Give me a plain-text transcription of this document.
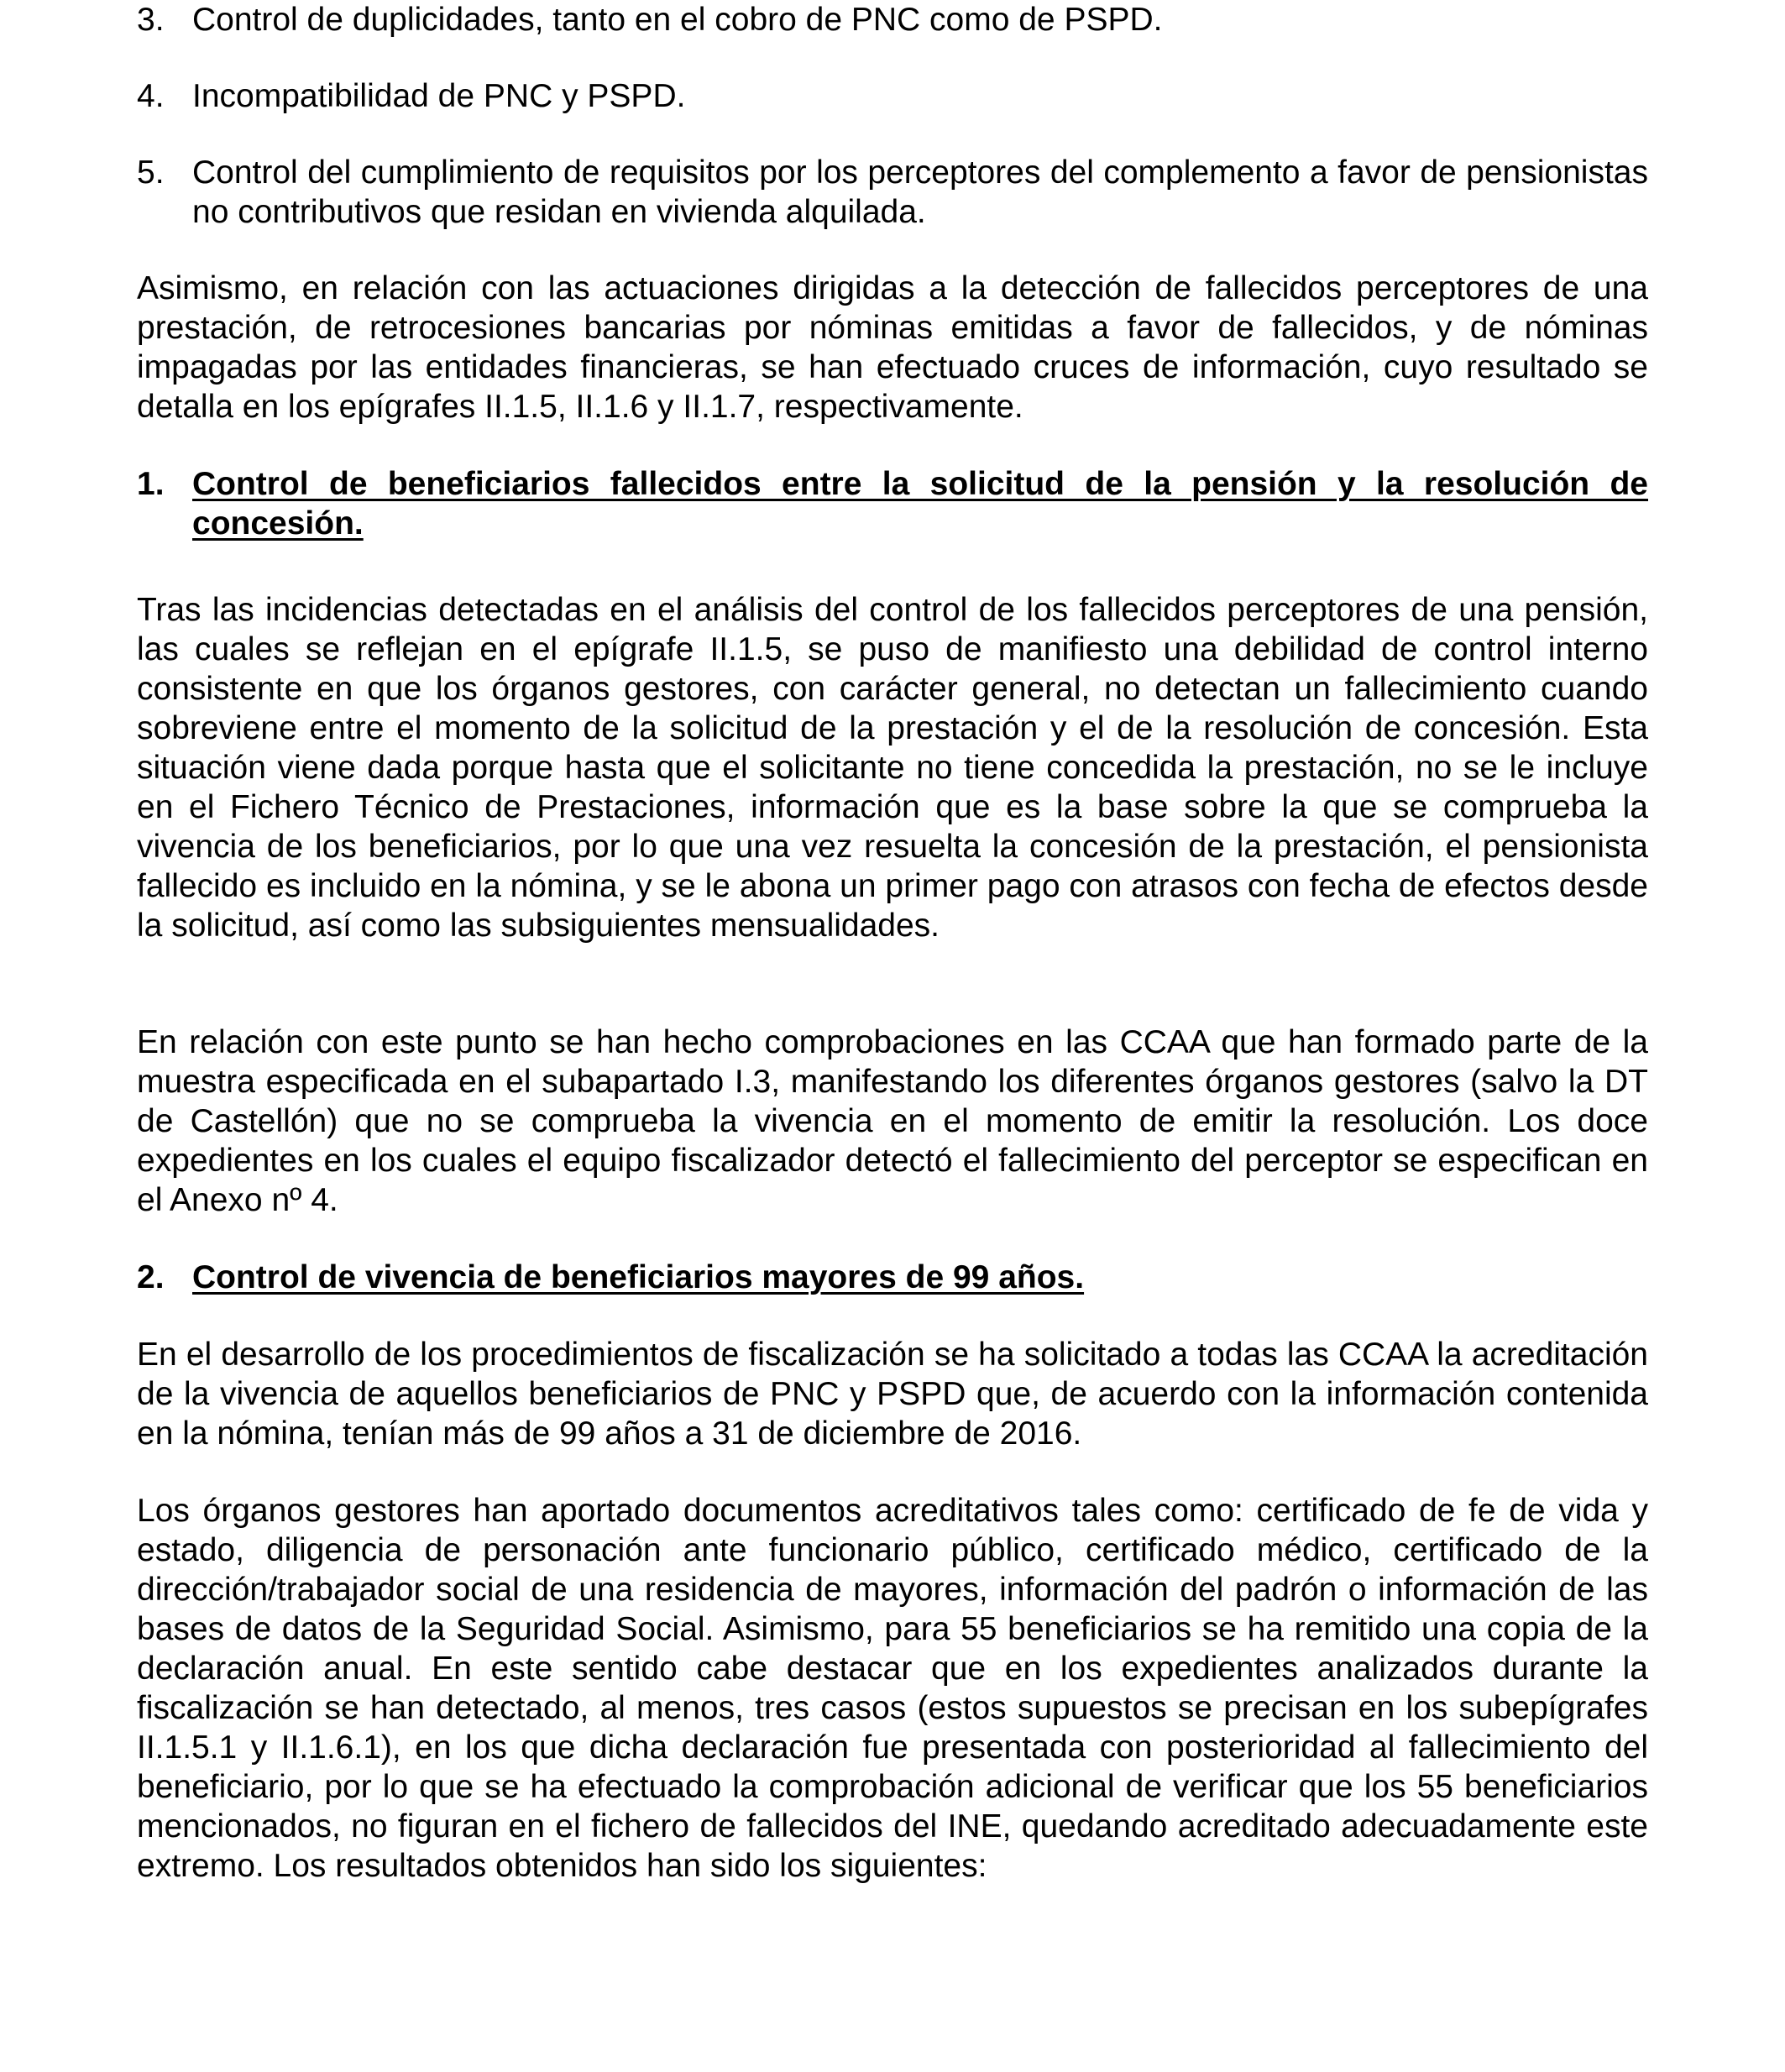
3. Control de duplicidades, tanto en el cobro de PNC como de PSPD.
4. Incompatibilidad de PNC y PSPD.
5. Control del cumplimiento de requisitos por los perceptores del complemento a favor de pensionistas no contributivos que residan en vivienda alquilada.

Asimismo, en relación con las actuaciones dirigidas a la detección de fallecidos perceptores de una prestación, de retrocesiones bancarias por nóminas emitidas a favor de fallecidos, y de nóminas impagadas por las entidades financieras, se han efectuado cruces de información, cuyo resultado se detalla en los epígrafes II.1.5, II.1.6 y II.1.7, respectivamente.

1. Control de beneficiarios fallecidos entre la solicitud de la pensión y la resolución de concesión.

Tras las incidencias detectadas en el análisis del control de los fallecidos perceptores de una pensión, las cuales se reflejan en el epígrafe II.1.5, se puso de manifiesto una debilidad de control interno consistente en que los órganos gestores, con carácter general, no detectan un fallecimiento cuando sobreviene entre el momento de la solicitud de la prestación y el de la resolución de concesión. Esta situación viene dada porque hasta que el solicitante no tiene concedida la prestación, no se le incluye en el Fichero Técnico de Prestaciones, información que es la base sobre la que se comprueba la vivencia de los beneficiarios, por lo que una vez resuelta la concesión de la prestación, el pensionista fallecido es incluido en la nómina, y se le abona un primer pago con atrasos con fecha de efectos desde la solicitud, así como las subsiguientes mensualidades.

En relación con este punto se han hecho comprobaciones en las CCAA que han formado parte de la muestra especificada en el subapartado I.3, manifestando los diferentes órganos gestores (salvo la DT de Castellón) que no se comprueba la vivencia en el momento de emitir la resolución. Los doce expedientes en los cuales el equipo fiscalizador detectó el fallecimiento del perceptor se especifican en el Anexo nº 4.

2. Control de vivencia de beneficiarios mayores de 99 años.

En el desarrollo de los procedimientos de fiscalización se ha solicitado a todas las CCAA la acreditación de la vivencia de aquellos beneficiarios de PNC y PSPD que, de acuerdo con la información contenida en la nómina, tenían más de 99 años a 31 de diciembre de 2016.

Los órganos gestores han aportado documentos acreditativos tales como: certificado de fe de vida y estado, diligencia de personación ante funcionario público, certificado médico, certificado de la dirección/trabajador social de una residencia de mayores, información del padrón o información de las bases de datos de la Seguridad Social. Asimismo, para 55 beneficiarios se ha remitido una copia de la declaración anual. En este sentido cabe destacar que en los expedientes analizados durante la fiscalización se han detectado, al menos, tres casos (estos supuestos se precisan en los subepígrafes II.1.5.1 y II.1.6.1), en los que dicha declaración fue presentada con posterioridad al fallecimiento del beneficiario, por lo que se ha efectuado la comprobación adicional de verificar que los 55 beneficiarios mencionados, no figuran en el fichero de fallecidos del INE, quedando acreditado adecuadamente este extremo. Los resultados obtenidos han sido los siguientes:
